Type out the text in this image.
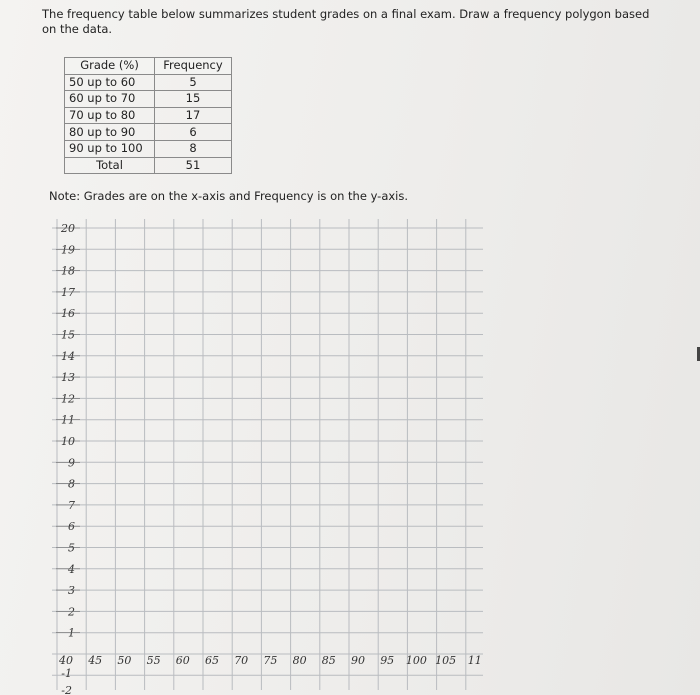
The frequency table below summarizes student grades on a final exam. Draw a frequency polygon based on the data.
Grade (%)	Frequency
50 up to 60	5
60 up to 70	15
70 up to 80	17
80 up to 90	6
90 up to 100	8
Total	51
Note: Grades are on the x-axis and Frequency is on the y-axis.
20
19
18
17
16
15
14
13
12
11
10
9
8
7
6
5
4
3
2
1
-1
-2
40 45 50 55 60 65 70 75 80 85 90 95 100 105 11
